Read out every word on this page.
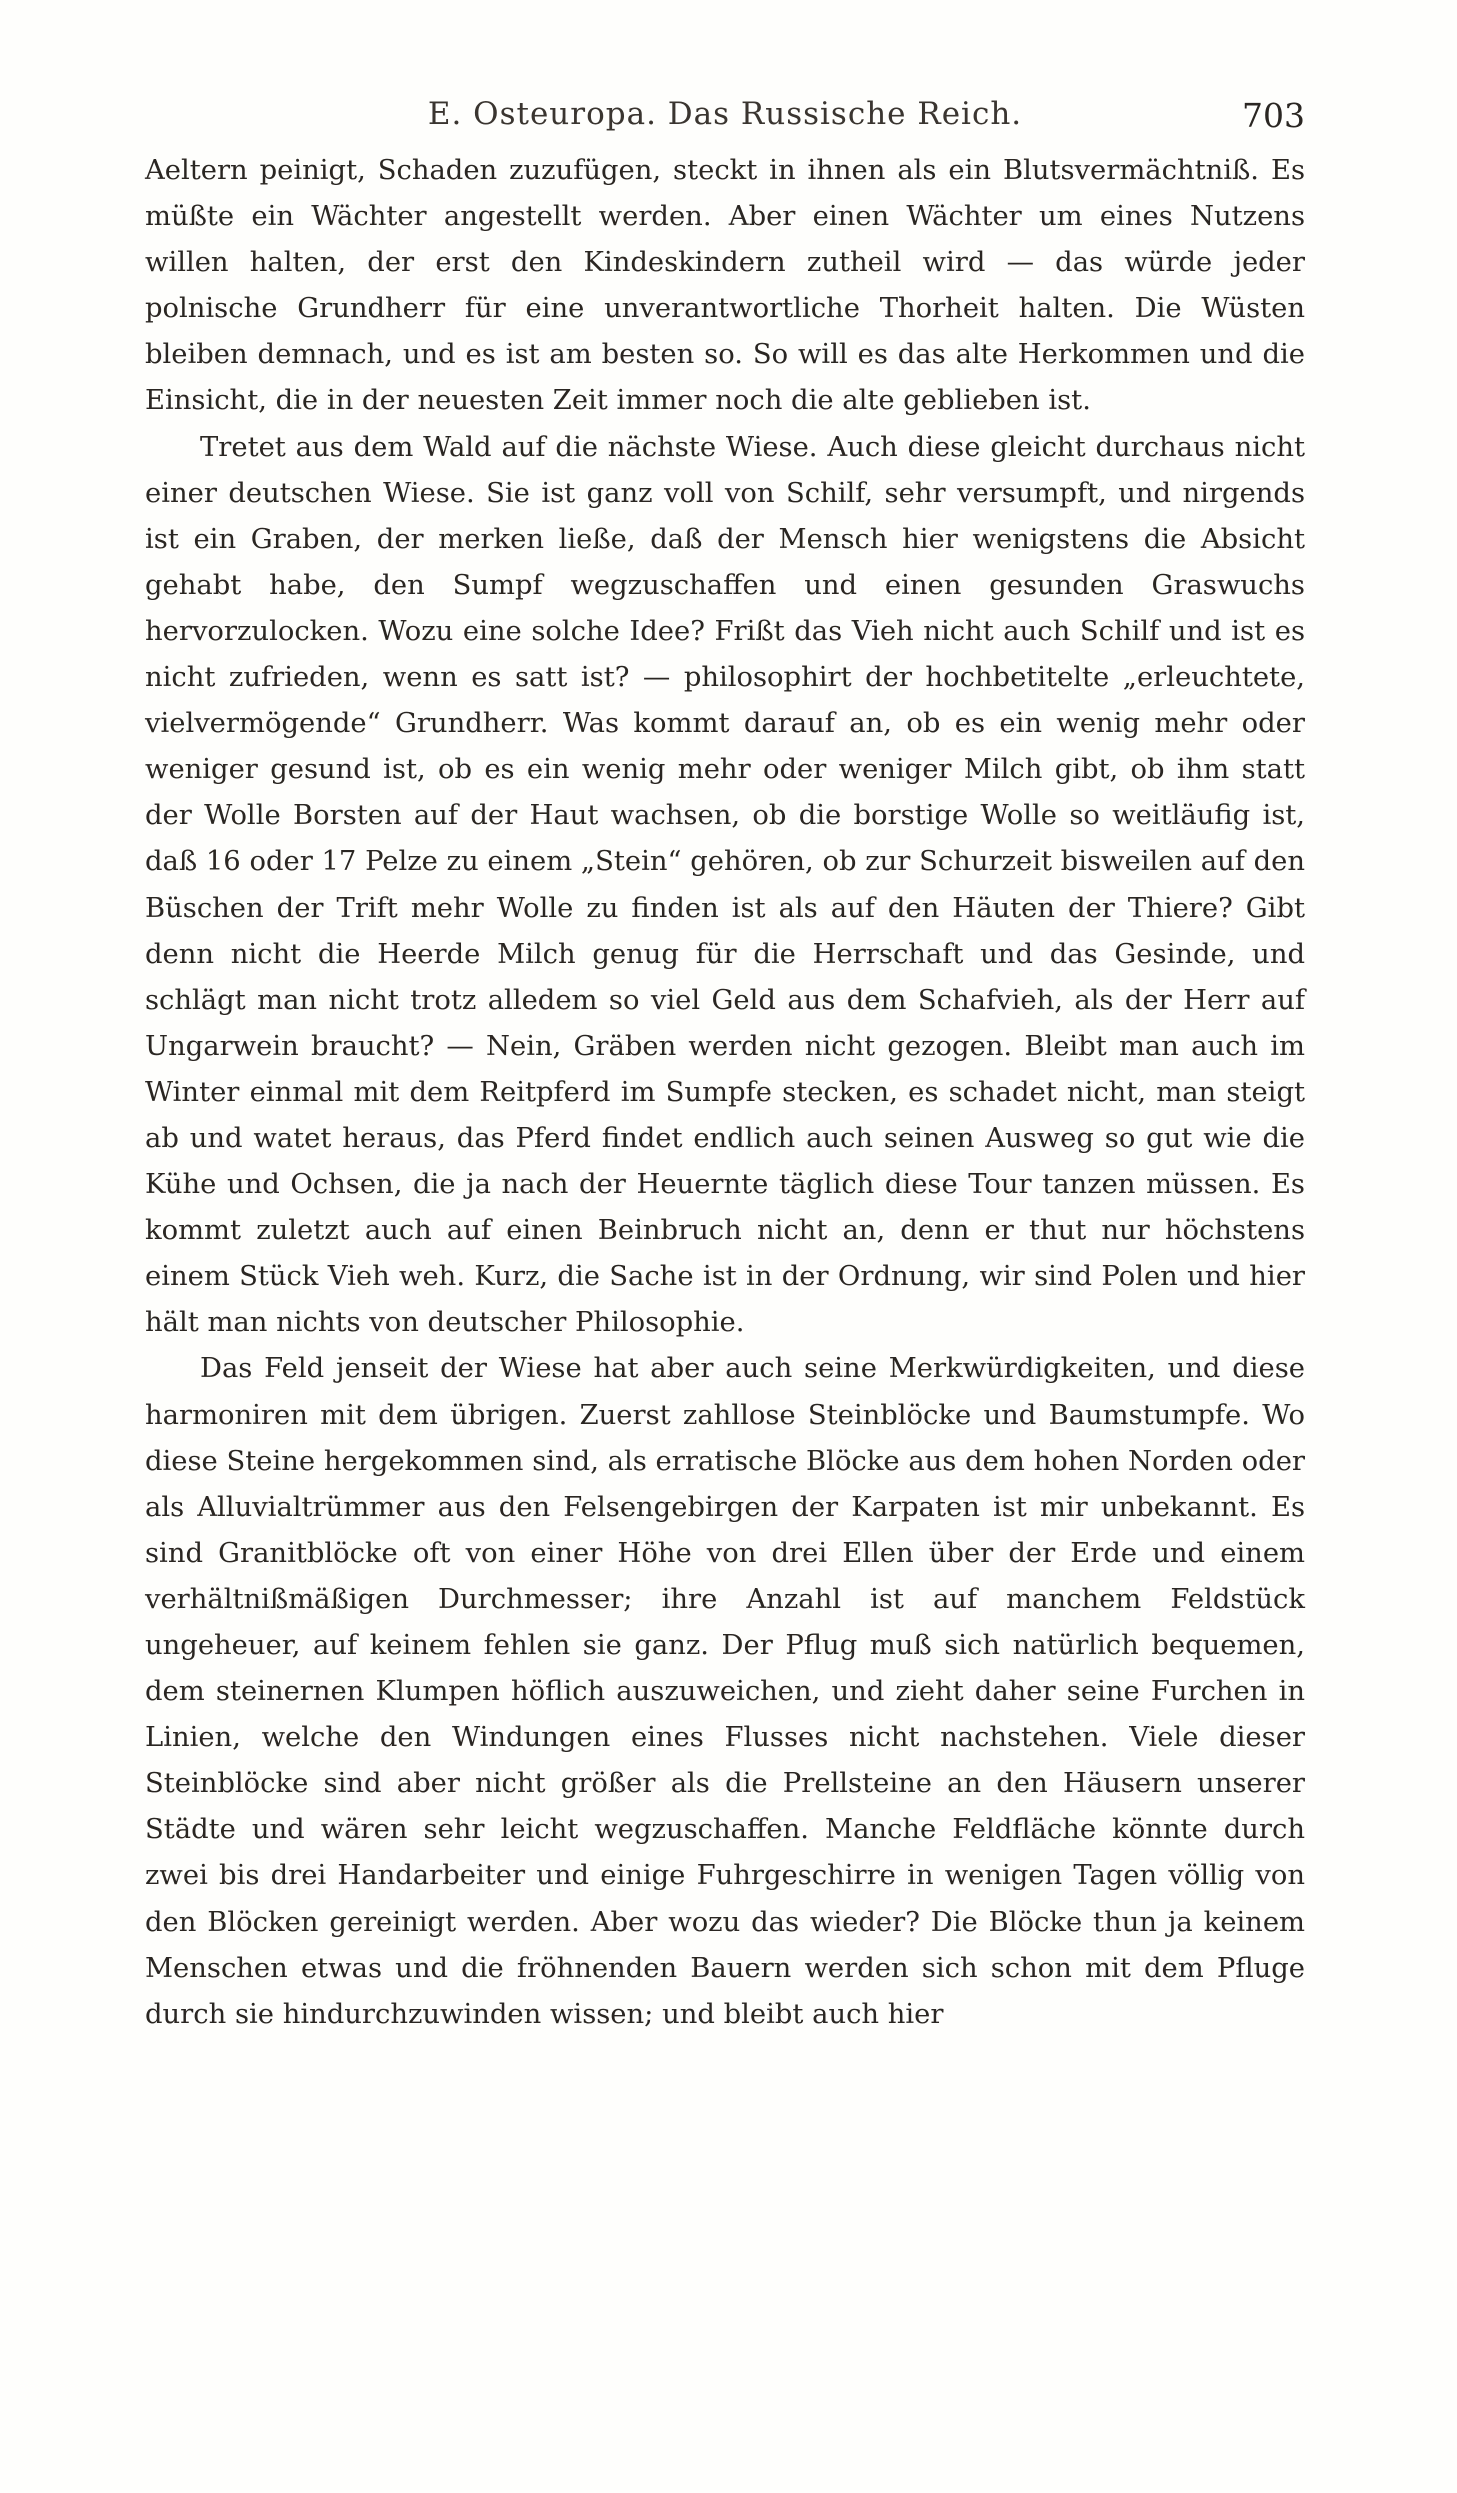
E. Osteuropa. Das Russische Reich.	703

Aeltern peinigt, Schaden zuzufügen, steckt in ihnen als ein Blutsvermächtniß. Es müßte ein Wächter angestellt werden. Aber einen Wächter um eines Nutzens willen halten, der erst den Kindeskindern zutheil wird — das würde jeder polnische Grundherr für eine unverantwortliche Thorheit halten. Die Wüsten bleiben demnach, und es ist am besten so. So will es das alte Herkommen und die Einsicht, die in der neuesten Zeit immer noch die alte geblieben ist.

Tretet aus dem Wald auf die nächste Wiese. Auch diese gleicht durchaus nicht einer deutschen Wiese. Sie ist ganz voll von Schilf, sehr versumpft, und nirgends ist ein Graben, der merken ließe, daß der Mensch hier wenigstens die Absicht gehabt habe, den Sumpf wegzuschaffen und einen gesunden Graswuchs hervorzulocken. Wozu eine solche Idee? Frißt das Vieh nicht auch Schilf und ist es nicht zufrieden, wenn es satt ist? — philosophirt der hochbetitelte „erleuchtete, vielvermögende“ Grundherr. Was kommt darauf an, ob es ein wenig mehr oder weniger gesund ist, ob es ein wenig mehr oder weniger Milch gibt, ob ihm statt der Wolle Borsten auf der Haut wachsen, ob die borstige Wolle so weitläufig ist, daß 16 oder 17 Pelze zu einem „Stein“ gehören, ob zur Schurzeit bisweilen auf den Büschen der Trift mehr Wolle zu finden ist als auf den Häuten der Thiere? Gibt denn nicht die Heerde Milch genug für die Herrschaft und das Gesinde, und schlägt man nicht trotz alledem so viel Geld aus dem Schafvieh, als der Herr auf Ungarwein braucht? — Nein, Gräben werden nicht gezogen. Bleibt man auch im Winter einmal mit dem Reitpferd im Sumpfe stecken, es schadet nicht, man steigt ab und watet heraus, das Pferd findet endlich auch seinen Ausweg so gut wie die Kühe und Ochsen, die ja nach der Heuernte täglich diese Tour tanzen müssen. Es kommt zuletzt auch auf einen Beinbruch nicht an, denn er thut nur höchstens einem Stück Vieh weh. Kurz, die Sache ist in der Ordnung, wir sind Polen und hier hält man nichts von deutscher Philosophie.

Das Feld jenseit der Wiese hat aber auch seine Merkwürdigkeiten, und diese harmoniren mit dem übrigen. Zuerst zahllose Steinblöcke und Baumstumpfe. Wo diese Steine hergekommen sind, als erratische Blöcke aus dem hohen Norden oder als Alluvialtrümmer aus den Felsengebirgen der Karpaten ist mir unbekannt. Es sind Granitblöcke oft von einer Höhe von drei Ellen über der Erde und einem verhältnißmäßigen Durchmesser; ihre Anzahl ist auf manchem Feldstück ungeheuer, auf keinem fehlen sie ganz. Der Pflug muß sich natürlich bequemen, dem steinernen Klumpen höflich auszuweichen, und zieht daher seine Furchen in Linien, welche den Windungen eines Flusses nicht nachstehen. Viele dieser Steinblöcke sind aber nicht größer als die Prellsteine an den Häusern unserer Städte und wären sehr leicht wegzuschaffen. Manche Feldfläche könnte durch zwei bis drei Handarbeiter und einige Fuhrgeschirre in wenigen Tagen völlig von den Blöcken gereinigt werden. Aber wozu das wieder? Die Blöcke thun ja keinem Menschen etwas und die fröhnenden Bauern werden sich schon mit dem Pfluge durch sie hindurchzuwinden wissen; und bleibt auch hier
